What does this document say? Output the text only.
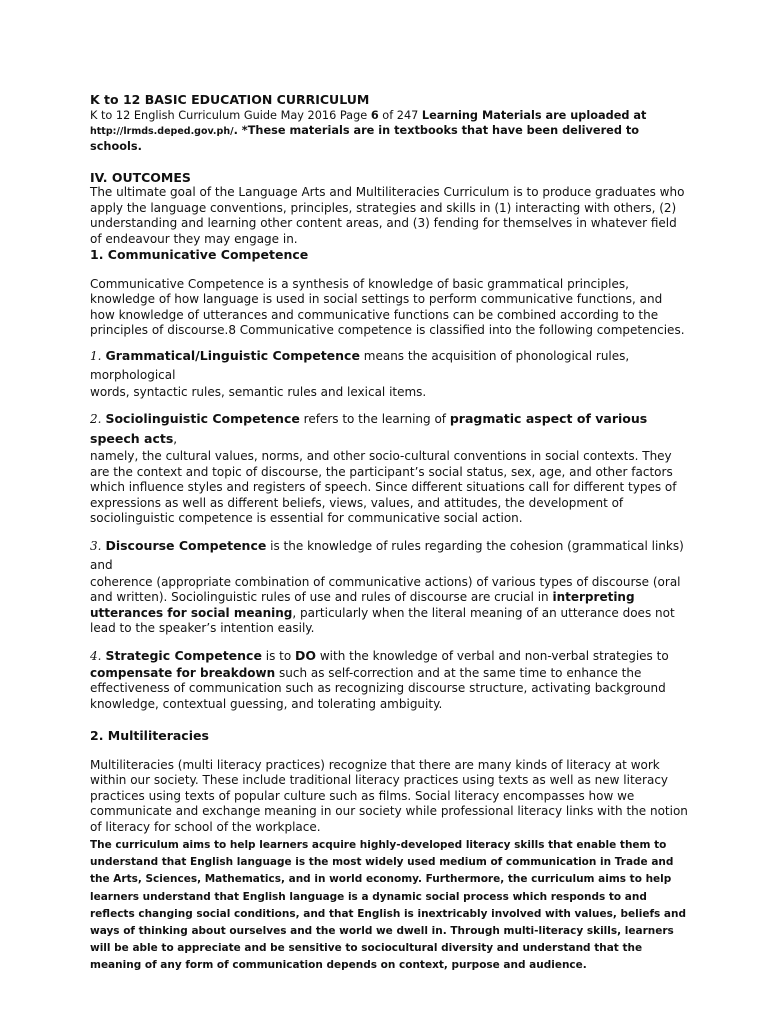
K to 12 BASIC EDUCATION CURRICULUM
K to 12 English Curriculum Guide May 2016 Page 6 of 247 Learning Materials are uploaded at
http://lrmds.deped.gov.ph/. *These materials are in textbooks that have been delivered to schools.
IV. OUTCOMES

The ultimate goal of the Language Arts and Multiliteracies Curriculum is to produce graduates who apply the language conventions, principles, strategies and skills in (1) interacting with others, (2) understanding and learning other content areas, and (3) fending for themselves in whatever field of endeavour they may engage in.

1. Communicative Competence

Communicative Competence is a synthesis of knowledge of basic grammatical principles, knowledge of how language is used in social settings to perform communicative functions, and how knowledge of utterances and communicative functions can be combined according to the principles of discourse.8 Communicative competence is classified into the following competencies.

1. Grammatical/Linguistic Competence means the acquisition of phonological rules, morphological
words, syntactic rules, semantic rules and lexical items.
2. Sociolinguistic Competence refers to the learning of pragmatic aspect of various speech acts,
namely, the cultural values, norms, and other socio-cultural conventions in social contexts. They are the context and topic of discourse, the participant’s social status, sex, age, and other factors which influence styles and registers of speech. Since different situations call for different types of expressions as well as different beliefs, views, values, and attitudes, the development of sociolinguistic competence is essential for communicative social action.
3. Discourse Competence is the knowledge of rules regarding the cohesion (grammatical links) and
coherence (appropriate combination of communicative actions) of various types of discourse (oral and written). Sociolinguistic rules of use and rules of discourse are crucial in interpreting utterances for social meaning, particularly when the literal meaning of an utterance does not lead to the speaker’s intention easily.
4. Strategic Competence is to DO with the knowledge of verbal and non-verbal strategies to
compensate for breakdown such as self-correction and at the same time to enhance the effectiveness of communication such as recognizing discourse structure, activating background knowledge, contextual guessing, and tolerating ambiguity.
2. Multiliteracies

Multiliteracies (multi literacy practices) recognize that there are many kinds of literacy at work within our society. These include traditional literacy practices using texts as well as new literacy practices using texts of popular culture such as films. Social literacy encompasses how we communicate and exchange meaning in our society while professional literacy links with the notion of literacy for school of the workplace.

The curriculum aims to help learners acquire highly-developed literacy skills that enable them to understand that English language is the most widely used medium of communication in Trade and the Arts, Sciences, Mathematics, and in world economy. Furthermore, the curriculum aims to help learners understand that English language is a dynamic social process which responds to and reflects changing social conditions, and that English is inextricably involved with values, beliefs and ways of thinking about ourselves and the world we dwell in. Through multi-literacy skills, learners will be able to appreciate and be sensitive to sociocultural diversity and understand that the meaning of any form of communication depends on context, purpose and audience.
